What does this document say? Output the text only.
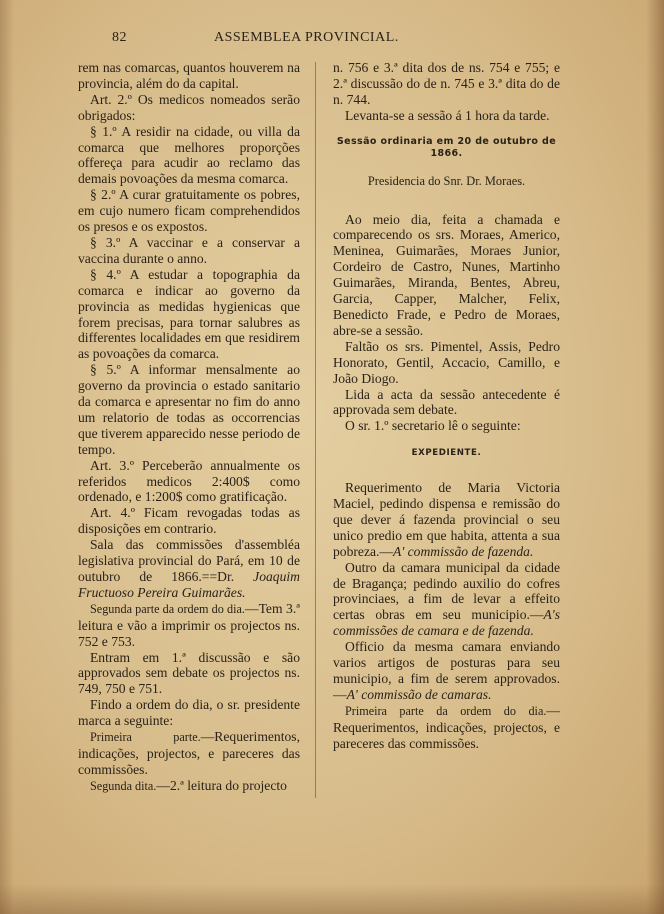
82	ASSEMBLEA PROVINCIAL.

rem nas comarcas, quantos houverem na provincia, além do da capital.

Art. 2.º Os medicos nomeados serão obrigados:

§ 1.º A residir na cidade, ou villa da comarca que melhores proporções offereça para acudir ao reclamo das demais povoações da mesma comarca.

§ 2.º A curar gratuitamente os pobres, em cujo numero ficam comprehendidos os presos e os expostos.

§ 3.º A vaccinar e a conservar a vaccina durante o anno.

§ 4.º A estudar a topographia da comarca e indicar ao governo da provincia as medidas hygienicas que forem precisas, para tornar salubres as differentes localidades em que residirem as povoações da comarca.

§ 5.º A informar mensalmente ao governo da provincia o estado sanitario da comarca e apresentar no fim do anno um relatorio de todas as occorrencias que tiverem apparecido nesse periodo de tempo.

Art. 3.º Perceberão annualmente os referidos medicos 2:400$ como ordenado, e 1:200$ como gratificação.

Art. 4.º Ficam revogadas todas as disposições em contrario.

Sala das commissões d'assembléa legislativa provincial do Pará, em 10 de outubro de 1866.==Dr. Joaquim Fructuoso Pereira Guimarães.

Segunda parte da ordem do dia.—Tem 3.ª leitura e vão a imprimir os projectos ns. 752 e 753.

Entram em 1.ª discussão e são approvados sem debate os projectos ns. 749, 750 e 751.

Findo a ordem do dia, o sr. presidente marca a seguinte:

Primeira parte.—Requerimentos, indicações, projectos, e pareceres das commissões.

Segunda dita.—2.ª leitura do projecto

n. 756 e 3.ª dita dos de ns. 754 e 755; e 2.ª discussão do de n. 745 e 3.ª dita do de n. 744.

Levanta-se a sessão á 1 hora da tarde.

Sessão ordinaria em 20 de outubro de 1866.

Presidencia do Snr. Dr. Moraes.

Ao meio dia, feita a chamada e comparecendo os srs. Moraes, Americo, Meninea, Guimarães, Moraes Junior, Cordeiro de Castro, Nunes, Martinho Guimarães, Miranda, Bentes, Abreu, Garcia, Capper, Malcher, Felix, Benedicto Frade, e Pedro de Moraes, abre-se a sessão.

Faltão os srs. Pimentel, Assis, Pedro Honorato, Gentil, Accacio, Camillo, e João Diogo.

Lida a acta da sessão antecedente é approvada sem debate.

O sr. 1.º secretario lê o seguinte:

EXPEDIENTE.

Requerimento de Maria Victoria Maciel, pedindo dispensa e remissão do que dever á fazenda provincial o seu unico predio em que habita, attenta a sua pobreza.—A' commissão de fazenda.

Outro da camara municipal da cidade de Bragança; pedindo auxilio do cofres provinciaes, a fim de levar a effeito certas obras em seu municipio.—A's commissões de camara e de fazenda.

Officio da mesma camara enviando varios artigos de posturas para seu municipio, a fim de serem approvados. —A' commissão de camaras.

Primeira parte da ordem do dia.—Requerimentos, indicações, projectos, e pareceres das commissões.
